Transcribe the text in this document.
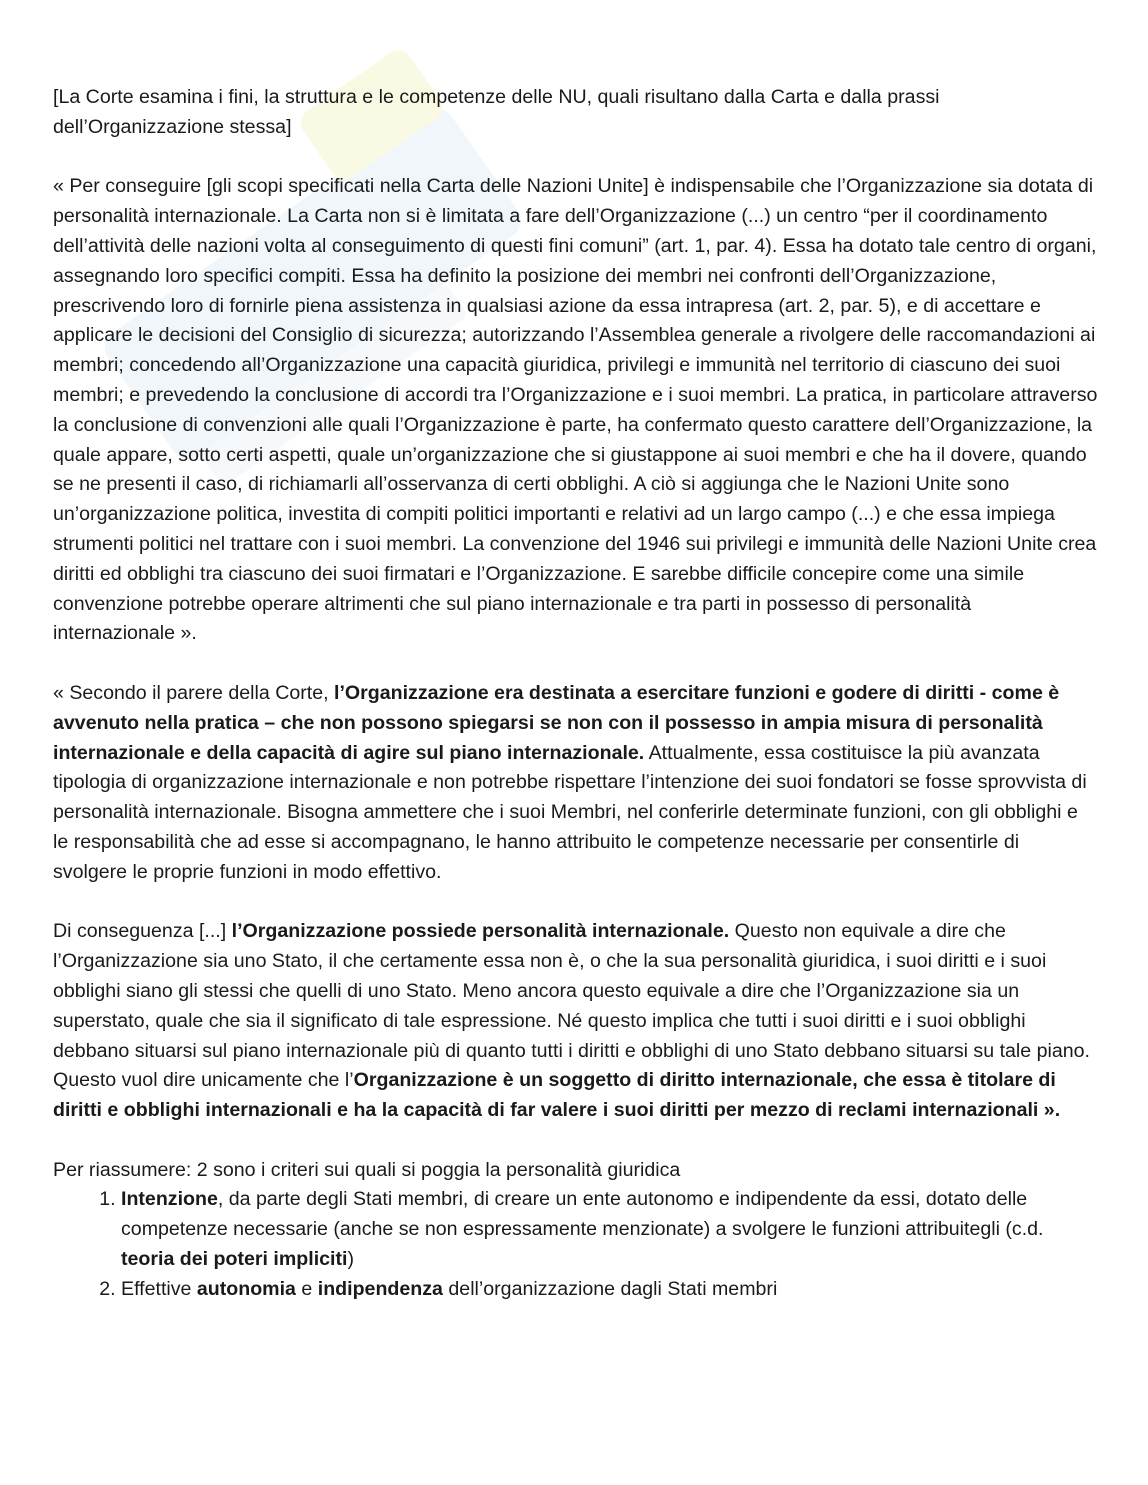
[La Corte esamina i fini, la struttura e le competenze delle NU, quali risultano dalla Carta e dalla prassi dell’Organizzazione stessa]

« Per conseguire [gli scopi specificati nella Carta delle Nazioni Unite] è indispensabile che l’Organizzazione sia dotata di personalità internazionale. La Carta non si è limitata a fare dell’Organizzazione (...) un centro “per il coordinamento dell’attività delle nazioni volta al conseguimento di questi fini comuni” (art. 1, par. 4). Essa ha dotato tale centro di organi, assegnando loro specifici compiti. Essa ha definito la posizione dei membri nei confronti dell’Organizzazione, prescrivendo loro di fornirle piena assistenza in qualsiasi azione da essa intrapresa (art. 2, par. 5), e di accettare e applicare le decisioni del Consiglio di sicurezza; autorizzando l’Assemblea generale a rivolgere delle raccomandazioni ai membri; concedendo all’Organizzazione una capacità giuridica, privilegi e immunità nel territorio di ciascuno dei suoi membri; e prevedendo la conclusione di accordi tra l’Organizzazione e i suoi membri. La pratica, in particolare attraverso la conclusione di convenzioni alle quali l’Organizzazione è parte, ha confermato questo carattere dell’Organizzazione, la quale appare, sotto certi aspetti, quale un’organizzazione che si giustappone ai suoi membri e che ha il dovere, quando se ne presenti il caso, di richiamarli all’osservanza di certi obblighi. A ciò si aggiunga che le Nazioni Unite sono un’organizzazione politica, investita di compiti politici importanti e relativi ad un largo campo (...) e che essa impiega strumenti politici nel trattare con i suoi membri. La convenzione del 1946 sui privilegi e immunità delle Nazioni Unite crea diritti ed obblighi tra ciascuno dei suoi firmatari e l’Organizzazione. E sarebbe difficile concepire come una simile convenzione potrebbe operare altrimenti che sul piano internazionale e tra parti in possesso di personalità internazionale ».

« Secondo il parere della Corte, l’Organizzazione era destinata a esercitare funzioni e godere di diritti - come è avvenuto nella pratica – che non possono spiegarsi se non con il possesso in ampia misura di personalità internazionale e della capacità di agire sul piano internazionale. Attualmente, essa costituisce la più avanzata tipologia di organizzazione internazionale e non potrebbe rispettare l’intenzione dei suoi fondatori se fosse sprovvista di personalità internazionale. Bisogna ammettere che i suoi Membri, nel conferirle determinate funzioni, con gli obblighi e le responsabilità che ad esse si accompagnano, le hanno attribuito le competenze necessarie per consentirle di svolgere le proprie funzioni in modo effettivo.

Di conseguenza [...] l’Organizzazione possiede personalità internazionale. Questo non equivale a dire che l’Organizzazione sia uno Stato, il che certamente essa non è, o che la sua personalità giuridica, i suoi diritti e i suoi obblighi siano gli stessi che quelli di uno Stato. Meno ancora questo equivale a dire che l’Organizzazione sia un superstato, quale che sia il significato di tale espressione. Né questo implica che tutti i suoi diritti e i suoi obblighi debbano situarsi sul piano internazionale più di quanto tutti i diritti e obblighi di uno Stato debbano situarsi su tale piano. Questo vuol dire unicamente che l’Organizzazione è un soggetto di diritto internazionale, che essa è titolare di diritti e obblighi internazionali e ha la capacità di far valere i suoi diritti per mezzo di reclami internazionali ».

Per riassumere: 2 sono i criteri sui quali si poggia la personalità giuridica

1. Intenzione, da parte degli Stati membri, di creare un ente autonomo e indipendente da essi, dotato delle competenze necessarie (anche se non espressamente menzionate) a svolgere le funzioni attribuitegli (c.d. teoria dei poteri impliciti)
2. Effettive autonomia e indipendenza dell’organizzazione dagli Stati membri
